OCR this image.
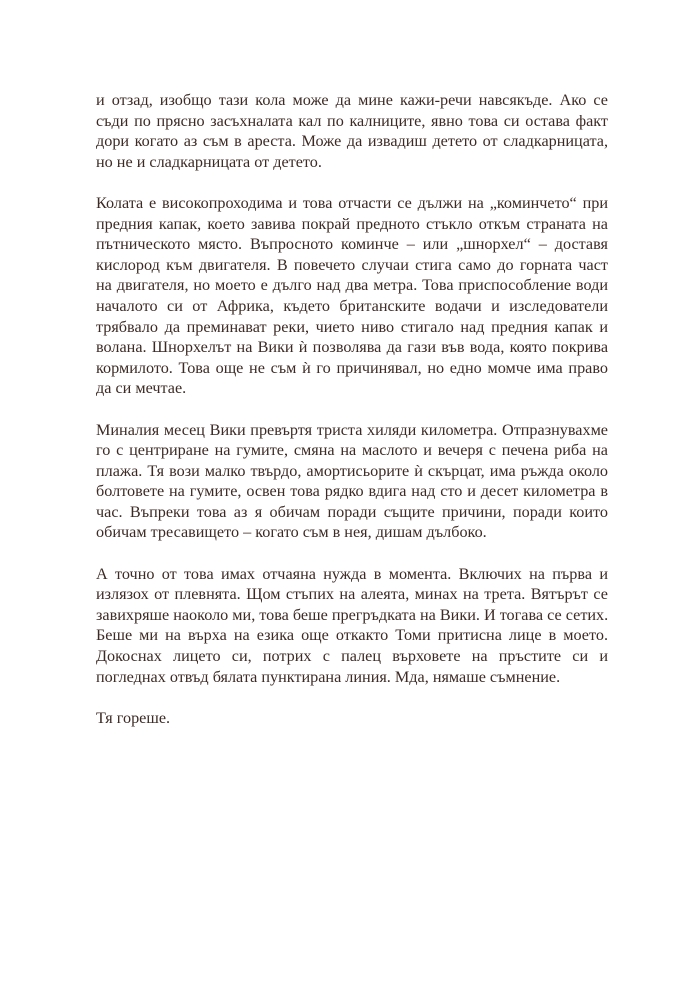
и отзад, изобщо тази кола може да мине кажи-речи навсякъде. Ако се
съди по прясно засъхналата кал по калниците, явно това си остава факт
дори когато аз съм в ареста. Може да извадиш детето от сладкарницата,
но не и сладкарницата от детето.

Колата е високопроходима и това отчасти се дължи на „коминчето“ при
предния капак, което завива покрай предното стъкло откъм страната на
пътническото място. Въпросното коминче – или „шнорхел“ – доставя
кислород към двигателя. В повечето случаи стига само до горната част
на двигателя, но моето е дълго над два метра. Това приспособление води
началото си от Африка, където британските водачи и изследователи
трябвало да преминават реки, чието ниво стигало над предния капак и
волана. Шнорхелът на Вики ѝ позволява да гази във вода, която покрива
кормилото. Това още не съм ѝ го причинявал, но едно момче има право
да си мечтае.

Миналия месец Вики превъртя триста хиляди километра. Отпразнувахме
го с центриране на гумите, смяна на маслото и вечеря с печена риба на
плажа. Тя вози малко твърдо, амортисьорите ѝ скърцат, има ръжда около
болтовете на гумите, освен това рядко вдига над сто и десет километра в
час. Въпреки това аз я обичам поради същите причини, поради които
обичам тресавището – когато съм в нея, дишам дълбоко.

А точно от това имах отчаяна нужда в момента. Включих на първа и
излязох от плевнята. Щом стъпих на алеята, минах на трета. Вятърът се
завихряше наоколо ми, това беше прегръдката на Вики. И тогава се сетих.
Беше ми на върха на езика още откакто Томи притисна лице в моето.
Докоснах лицето си, потрих с палец върховете на пръстите си и
погледнах отвъд бялата пунктирана линия. Мда, нямаше съмнение.

Тя гореше.
